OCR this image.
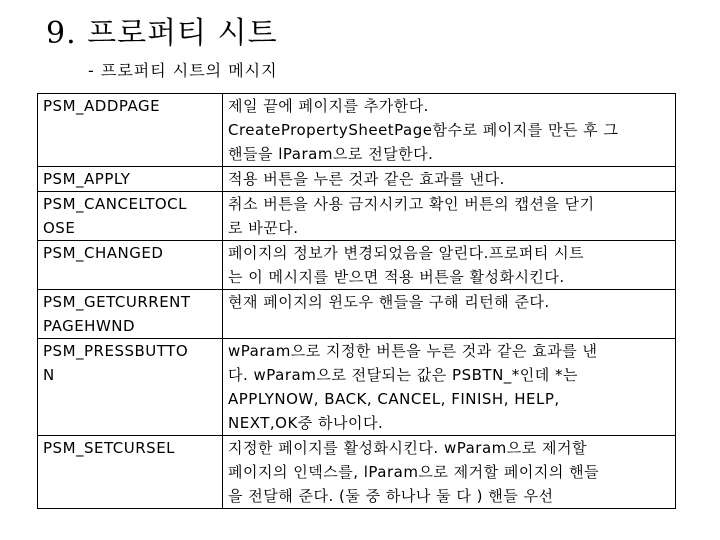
9. 프로퍼티 시트
- 프로퍼티 시트의 메시지
PSM_ADDPAGE	제일 끝에 페이지를 추가한다.
CreatePropertySheetPage함수로 페이지를 만든 후 그
핸들을 lParam으로 전달한다.

PSM_APPLY	적용 버튼을 누른 것과 같은 효과를 낸다.

PSM_CANCELTOCL
OSE	취소 버튼을 사용 금지시키고 확인 버튼의 캡션을 닫기
로 바꾼다.

PSM_CHANGED	페이지의 정보가 변경되었음을 알린다.프로퍼티 시트
는 이 메시지를 받으면 적용 버튼을 활성화시킨다.

PSM_GETCURRENT
PAGEHWND	현재 페이지의 윈도우 핸들을 구해 리턴해 준다.

PSM_PRESSBUTTO
N	wParam으로 지정한 버튼을 누른 것과 같은 효과를 낸
다. wParam으로 전달되는 값은 PSBTN_*인데 *는
APPLYNOW, BACK, CANCEL, FINISH, HELP,
NEXT,OK중 하나이다.

PSM_SETCURSEL	지정한 페이지를 활성화시킨다. wParam으로 제거할
페이지의 인덱스를, lParam으로 제거할 페이지의 핸들
을 전달해 준다. (둘 중 하나나 둘 다 ) 핸들 우선
